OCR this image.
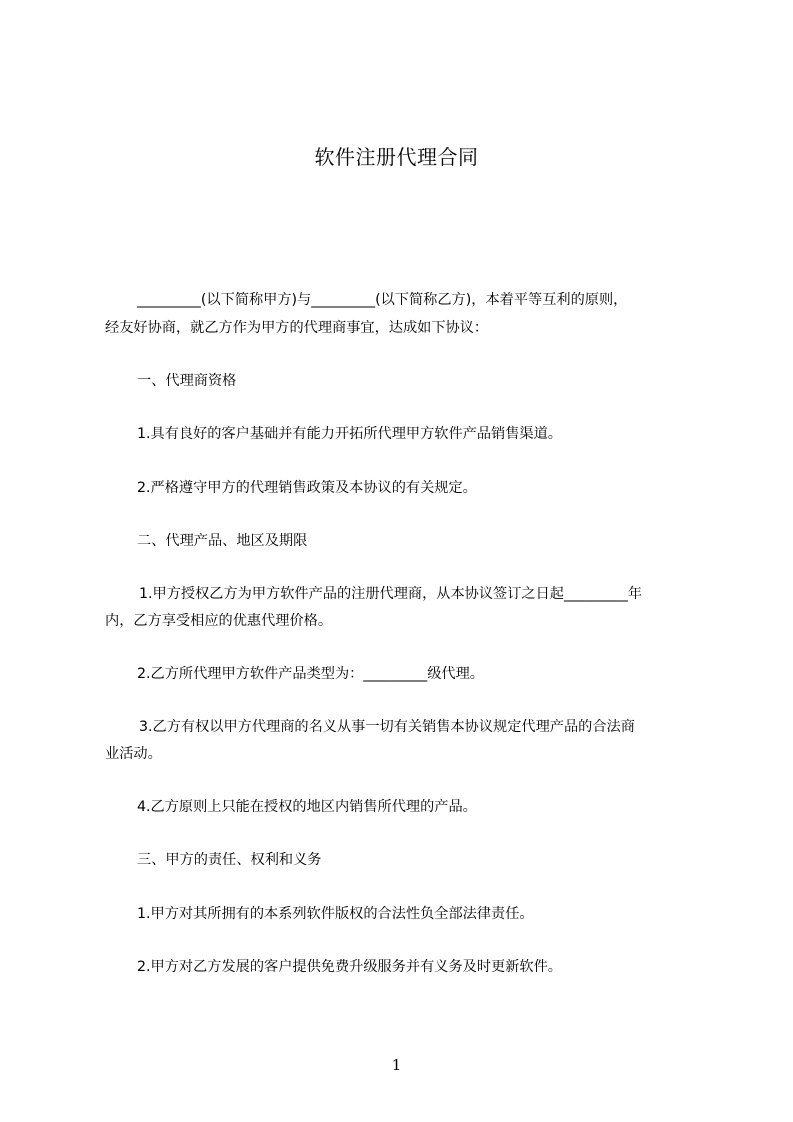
软件注册代理合同
_________(以下简称甲方)与_________(以下简称乙方)，本着平等互利的原则，
经友好协商，就乙方作为甲方的代理商事宜，达成如下协议：
一、代理商资格
1.具有良好的客户基础并有能力开拓所代理甲方软件产品销售渠道。
2.严格遵守甲方的代理销售政策及本协议的有关规定。
二、代理产品、地区及期限
1.甲方授权乙方为甲方软件产品的注册代理商，从本协议签订之日起_________年
内，乙方享受相应的优惠代理价格。
2.乙方所代理甲方软件产品类型为：_________级代理。
3.乙方有权以甲方代理商的名义从事一切有关销售本协议规定代理产品的合法商
业活动。
4.乙方原则上只能在授权的地区内销售所代理的产品。
三、甲方的责任、权利和义务
1.甲方对其所拥有的本系列软件版权的合法性负全部法律责任。
2.甲方对乙方发展的客户提供免费升级服务并有义务及时更新软件。
1
